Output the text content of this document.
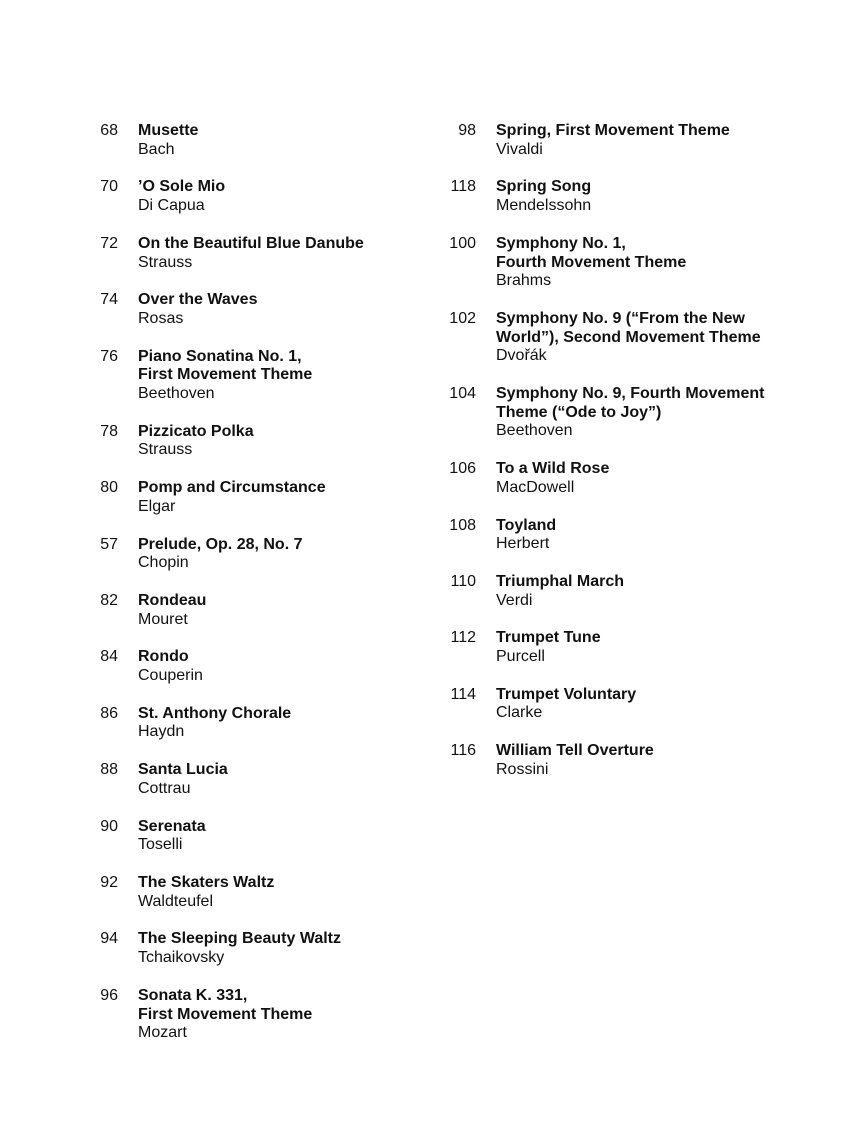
68	Musette
Bach
70	’O Sole Mio
Di Capua
72	On the Beautiful Blue Danube
Strauss
74	Over the Waves
Rosas
76	Piano Sonatina No. 1,
First Movement Theme
Beethoven
78	Pizzicato Polka
Strauss
80	Pomp and Circumstance
Elgar
57	Prelude, Op. 28, No. 7
Chopin
82	Rondeau
Mouret
84	Rondo
Couperin
86	St. Anthony Chorale
Haydn
88	Santa Lucia
Cottrau
90	Serenata
Toselli
92	The Skaters Waltz
Waldteufel
94	The Sleeping Beauty Waltz
Tchaikovsky
96	Sonata K. 331,
First Movement Theme
Mozart
98	Spring, First Movement Theme
Vivaldi
118	Spring Song
Mendelssohn
100	Symphony No. 1,
Fourth Movement Theme
Brahms
102	Symphony No. 9 (“From the New
World”), Second Movement Theme
Dvořák
104	Symphony No. 9, Fourth Movement
Theme (“Ode to Joy”)
Beethoven
106	To a Wild Rose
MacDowell
108	Toyland
Herbert
110	Triumphal March
Verdi
112	Trumpet Tune
Purcell
114	Trumpet Voluntary
Clarke
116	William Tell Overture
Rossini
